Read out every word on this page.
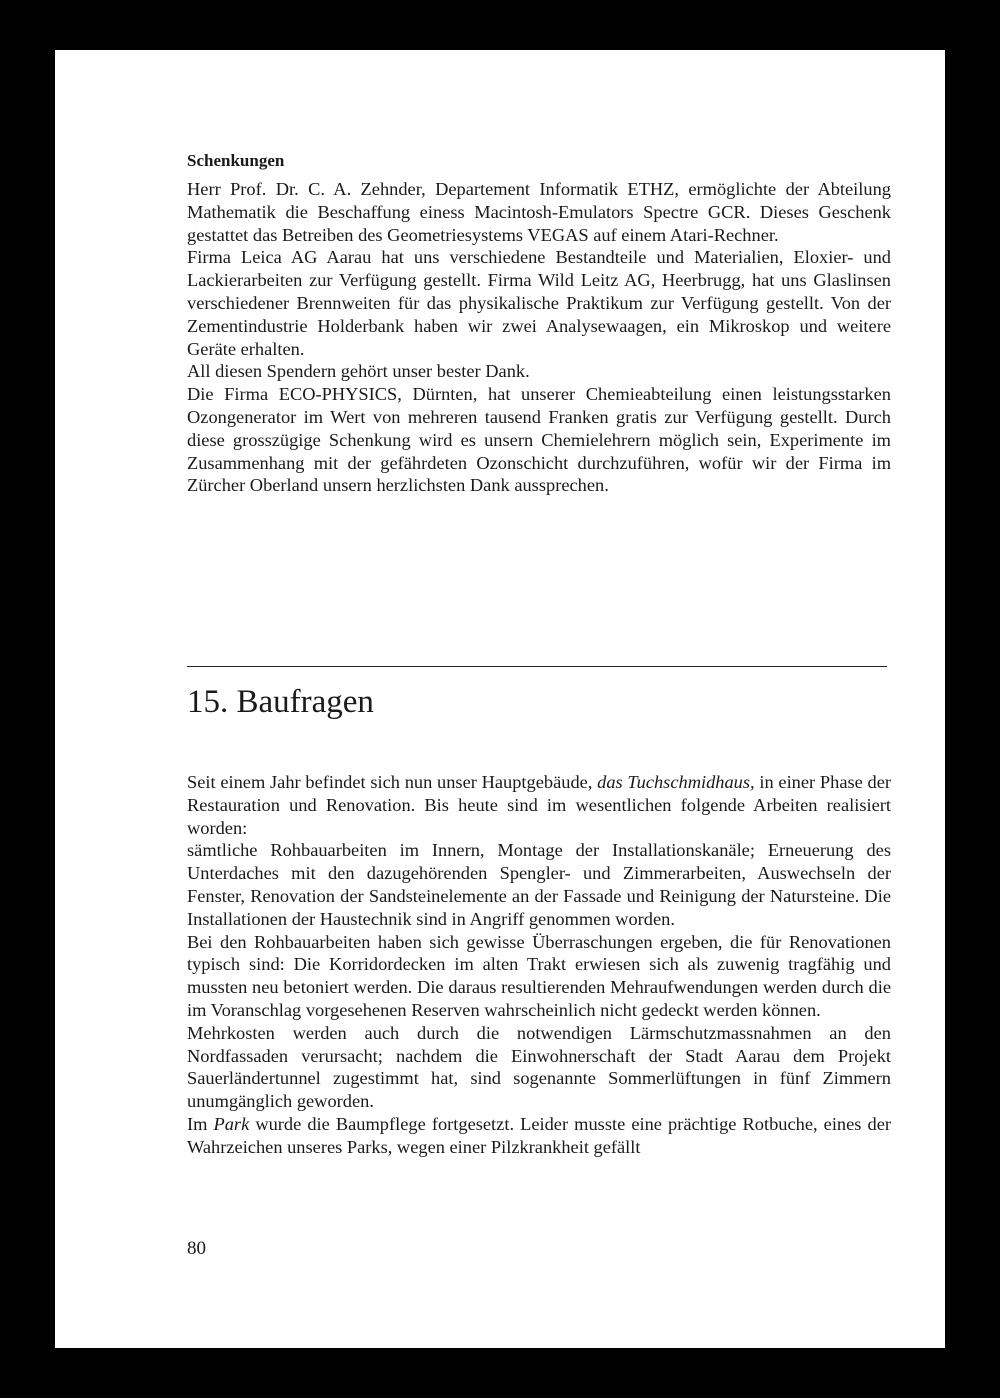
Schenkungen

Herr Prof. Dr. C. A. Zehnder, Departement Informatik ETHZ, ermöglichte der Abteilung Mathematik die Beschaffung einess Macintosh-Emulators Spectre GCR. Dieses Geschenk gestattet das Betreiben des Geometriesystems VEGAS auf einem Atari-Rechner.

Firma Leica AG Aarau hat uns verschiedene Bestandteile und Materialien, Eloxier- und Lackierarbeiten zur Verfügung gestellt. Firma Wild Leitz AG, Heerbrugg, hat uns Glaslinsen verschiedener Brennweiten für das physikalische Praktikum zur Verfügung gestellt. Von der Zementindustrie Holderbank haben wir zwei Analysewaagen, ein Mikroskop und weitere Geräte erhalten.

All diesen Spendern gehört unser bester Dank.

Die Firma ECO-PHYSICS, Dürnten, hat unserer Chemieabteilung einen leistungsstarken Ozongenerator im Wert von mehreren tausend Franken gratis zur Verfügung gestellt. Durch diese grosszügige Schenkung wird es unsern Chemielehrern möglich sein, Experimente im Zusammenhang mit der gefährdeten Ozonschicht durchzuführen, wofür wir der Firma im Zürcher Oberland unsern herzlichsten Dank aussprechen.

15. Baufragen

Seit einem Jahr befindet sich nun unser Hauptgebäude, das Tuchschmidhaus, in einer Phase der Restauration und Renovation. Bis heute sind im wesentlichen folgende Arbeiten realisiert worden:

sämtliche Rohbauarbeiten im Innern, Montage der Installationskanäle; Erneuerung des Unterdaches mit den dazugehörenden Spengler- und Zimmerarbeiten, Auswechseln der Fenster, Renovation der Sandsteinelemente an der Fassade und Reinigung der Natursteine. Die Installationen der Haustechnik sind in Angriff genommen worden.

Bei den Rohbauarbeiten haben sich gewisse Überraschungen ergeben, die für Renovationen typisch sind: Die Korridordecken im alten Trakt erwiesen sich als zuwenig tragfähig und mussten neu betoniert werden. Die daraus resultierenden Mehraufwendungen werden durch die im Voranschlag vorgesehenen Reserven wahrscheinlich nicht gedeckt werden können.

Mehrkosten werden auch durch die notwendigen Lärmschutzmassnahmen an den Nordfassaden verursacht; nachdem die Einwohnerschaft der Stadt Aarau dem Projekt Sauerländertunnel zugestimmt hat, sind sogenannte Sommerlüftungen in fünf Zimmern unumgänglich geworden.

Im Park wurde die Baumpflege fortgesetzt. Leider musste eine prächtige Rotbuche, eines der Wahrzeichen unseres Parks, wegen einer Pilzkrankheit gefällt

80
